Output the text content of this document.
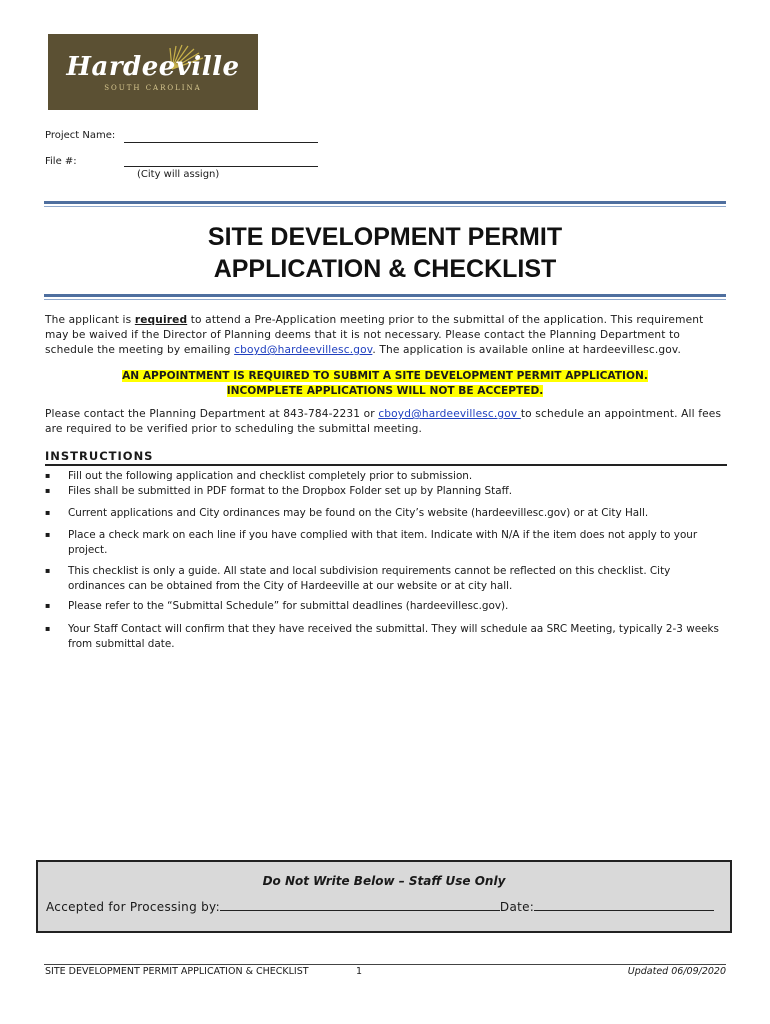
Hardeeville
SOUTH CAROLINA
Project Name:
File #:
(City will assign)
SITE DEVELOPMENT PERMIT
APPLICATION & CHECKLIST
The applicant is required to attend a Pre-Application meeting prior to the submittal of the application. This requirement may be waived if the Director of Planning deems that it is not necessary. Please contact the Planning Department to schedule the meeting by emailing cboyd@hardeevillesc.gov. The application is available online at hardeevillesc.gov.
AN APPOINTMENT IS REQUIRED TO SUBMIT A SITE DEVELOPMENT PERMIT APPLICATION.
INCOMPLETE APPLICATIONS WILL NOT BE ACCEPTED.
Please contact the Planning Department at 843-784-2231 or cboyd@hardeevillesc.gov to schedule an appointment. All fees are required to be verified prior to scheduling the submittal meeting.
INSTRUCTIONS
▪ Fill out the following application and checklist completely prior to submission.
▪ Files shall be submitted in PDF format to the Dropbox Folder set up by Planning Staff.
▪ Current applications and City ordinances may be found on the City’s website (hardeevillesc.gov) or at City Hall.
▪ Place a check mark on each line if you have complied with that item. Indicate with N/A if the item does not apply to your project.
▪ This checklist is only a guide. All state and local subdivision requirements cannot be reflected on this checklist. City ordinances can be obtained from the City of Hardeeville at our website or at city hall.
▪ Please refer to the “Submittal Schedule” for submittal deadlines (hardeevillesc.gov).
▪ Your Staff Contact will confirm that they have received the submittal. They will schedule aa SRC Meeting, typically 2-3 weeks from submittal date.
Do Not Write Below – Staff Use Only
Accepted for Processing by:	Date:
SITE DEVELOPMENT PERMIT APPLICATION & CHECKLIST	1	Updated 06/09/2020
